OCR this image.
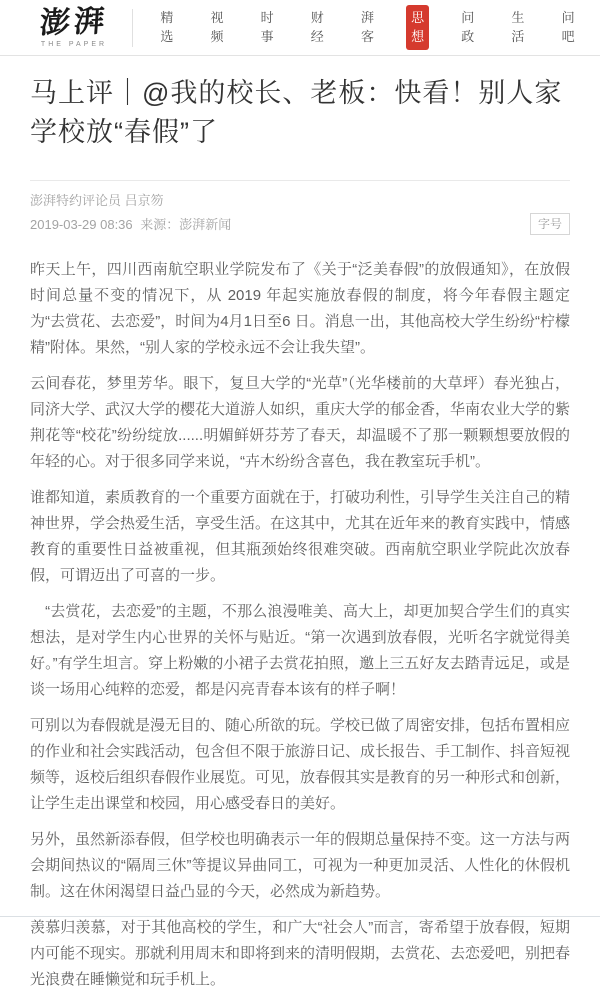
澎湃
THE PAPER
精选
视频
时事
财经
湃客
思想
问政
生活
问吧
马上评｜@我的校长、老板：快看！别人家学校放“春假”了
澎湃特约评论员 吕京笏
2019-03-29 08:36 来源：澎湃新闻	字号

昨天上午，四川西南航空职业学院发布了《关于“泛美春假”的放假通知》，在放假时间总量不变的情况下，从 2019 年起实施放春假的制度，将今年春假主题定为“去赏花、去恋爱”，时间为4月1日至6 日。消息一出，其他高校大学生纷纷“柠檬精”附体。果然，“别人家的学校永远不会让我失望”。

云间春花，梦里芳华。眼下，复旦大学的“光草”（光华楼前的大草坪）春光独占，同济大学、武汉大学的樱花大道游人如织，重庆大学的郁金香，华南农业大学的紫荆花等“校花”纷纷绽放......明媚鲜妍芬芳了春天，却温暖不了那一颗颗想要放假的年轻的心。对于很多同学来说，“卉木纷纷含喜色，我在教室玩手机”。

谁都知道，素质教育的一个重要方面就在于，打破功利性，引导学生关注自己的精神世界，学会热爱生活，享受生活。在这其中，尤其在近年来的教育实践中，情感教育的重要性日益被重视，但其瓶颈始终很难突破。西南航空职业学院此次放春假，可谓迈出了可喜的一步。

　“去赏花，去恋爱”的主题，不那么浪漫唯美、高大上，却更加契合学生们的真实想法，是对学生内心世界的关怀与贴近。“第一次遇到放春假，光听名字就觉得美好。”有学生坦言。穿上粉嫩的小裙子去赏花拍照，邀上三五好友去踏青远足，或是谈一场用心纯粹的恋爱，都是闪亮青春本该有的样子啊！

可别以为春假就是漫无目的、随心所欲的玩。学校已做了周密安排，包括布置相应的作业和社会实践活动，包含但不限于旅游日记、成长报告、手工制作、抖音短视频等，返校后组织春假作业展览。可见，放春假其实是教育的另一种形式和创新，让学生走出课堂和校园，用心感受春日的美好。

另外，虽然新添春假，但学校也明确表示一年的假期总量保持不变。这一方法与两会期间热议的“隔周三休”等提议异曲同工，可视为一种更加灵活、人性化的休假机制。这在休闲渴望日益凸显的今天，必然成为新趋势。

羡慕归羡慕，对于其他高校的学生，和广大“社会人”而言，寄希望于放春假，短期内可能不现实。那就利用周末和即将到来的清明假期，去赏花、去恋爱吧，别把春光浪费在睡懒觉和玩手机上。
